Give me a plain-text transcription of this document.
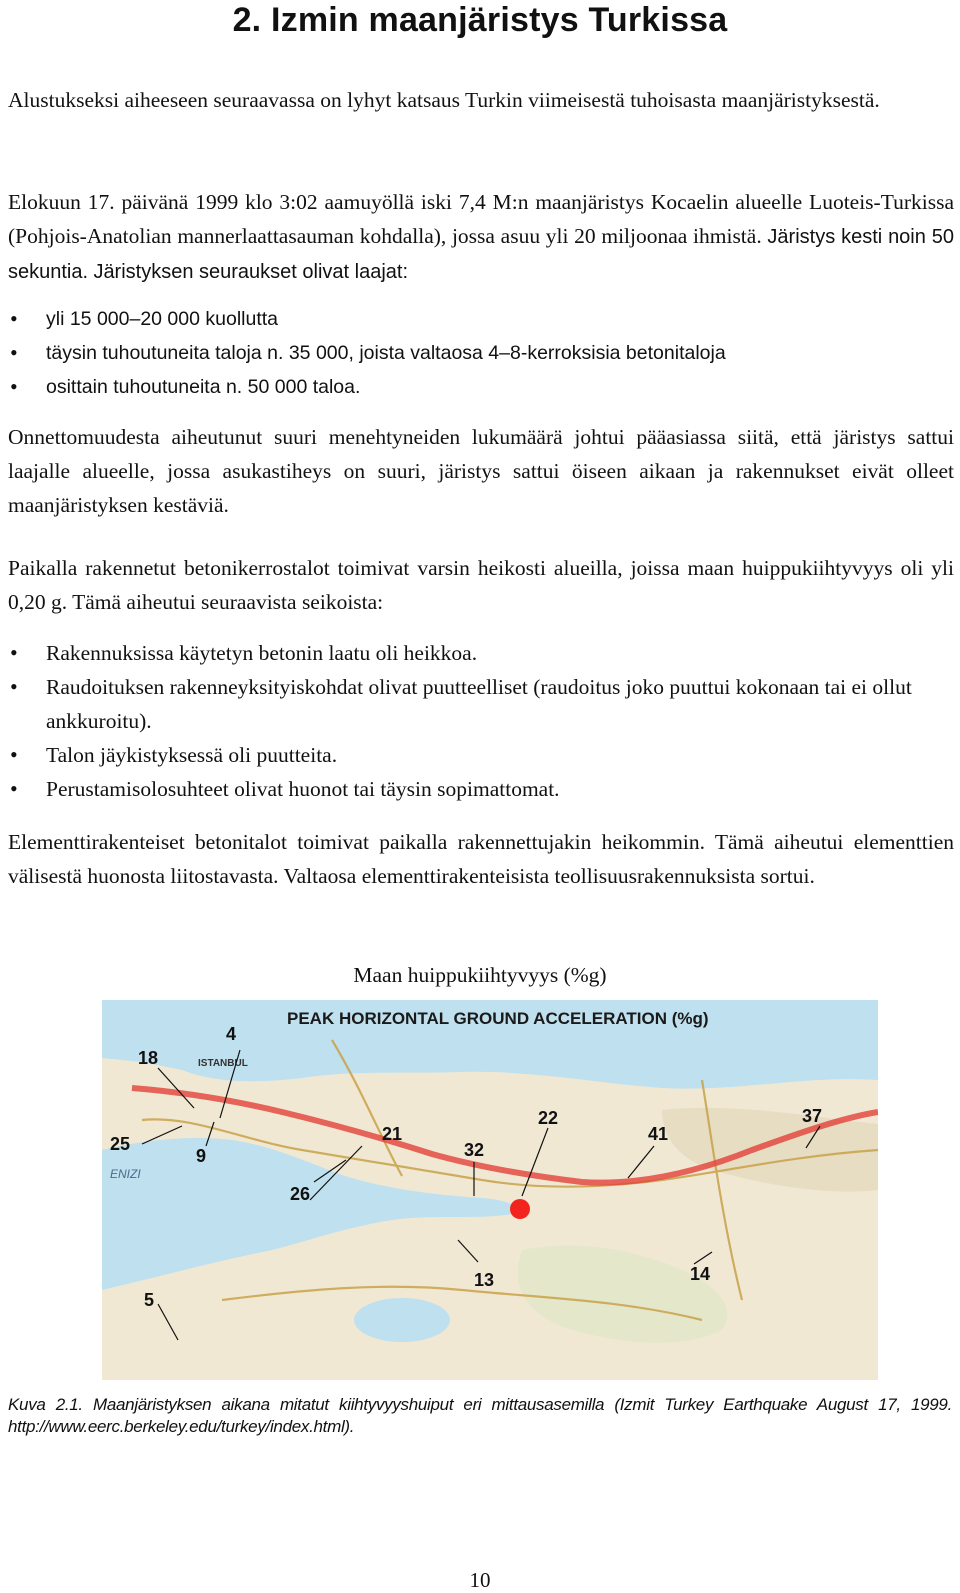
2. Izmin maanjäristys Turkissa

Alustukseksi aiheeseen seuraavassa on lyhyt katsaus Turkin viimeisestä tuhoisasta maanjäristyksestä.

Elokuun 17. päivänä 1999 klo 3:02 aamuyöllä iski 7,4 M:n maanjäristys Kocaelin alueelle Luoteis-Turkissa (Pohjois-Anatolian mannerlaattasauman kohdalla), jossa asuu yli 20 miljoonaa ihmistä. Järistys kesti noin 50 sekuntia. Järistyksen seuraukset olivat laajat:

• yli 15 000–20 000 kuollutta
• täysin tuhoutuneita taloja n. 35 000, joista valtaosa 4–8-kerroksisia betonitaloja
• osittain tuhoutuneita n. 50 000 taloa.

Onnettomuudesta aiheutunut suuri menehtyneiden lukumäärä johtui pääasiassa siitä, että järistys sattui laajalle alueelle, jossa asukastiheys on suuri, järistys sattui öiseen aikaan ja rakennukset eivät olleet maanjäristyksen kestäviä.

Paikalla rakennetut betonikerrostalot toimivat varsin heikosti alueilla, joissa maan huippukiihtyvyys oli yli 0,20 g. Tämä aiheutui seuraavista seikoista:

• Rakennuksissa käytetyn betonin laatu oli heikkoa.
• Raudoituksen rakenneyksityiskohdat olivat puutteelliset (raudoitus joko puuttui kokonaan tai ei ollut ankkuroitu).
• Talon jäykistyksessä oli puutteita.
• Perustamisolosuhteet olivat huonot tai täysin sopimattomat.

Elementtirakenteiset betonitalot toimivat paikalla rakennettujakin heikommin. Tämä aiheutui elementtien välisestä huonosta liitostavasta. Valtaosa elementtirakenteisista teollisuusrakennuksista sortui.

Maan huippukiihtyvyys (%g)
PEAK HORIZONTAL GROUND ACCELERATION (%g)
ISTANBUL
ENIZI
4
18
25
9
21
26
32
22
41
37
13	14
5

Kuva 2.1. Maanjäristyksen aikana mitatut kiihtyvyyshuiput eri mittausasemilla (Izmit Turkey Earthquake August 17, 1999. http://www.eerc.berkeley.edu/turkey/index.html).

10
